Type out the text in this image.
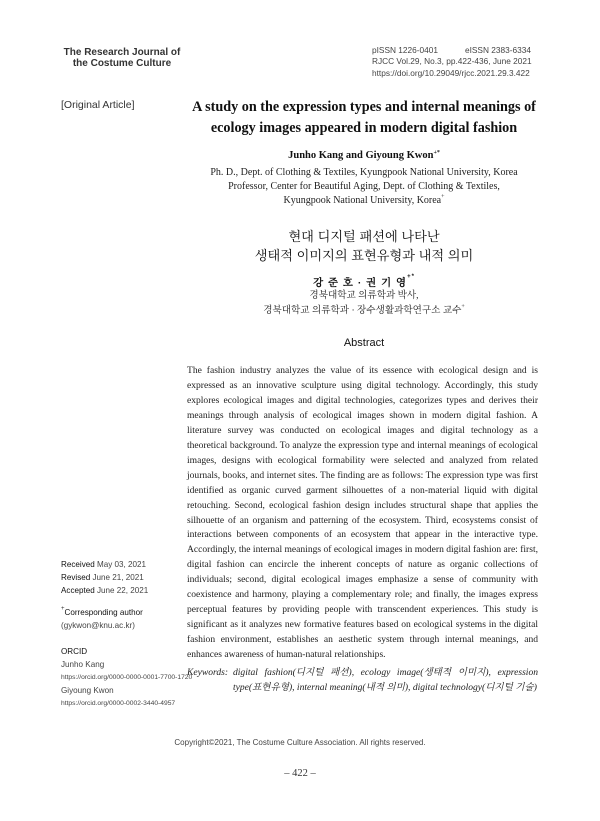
The Research Journal of
the Costume Culture
pISSN 1226-0401	eISSN 2383-6334
RJCC Vol.29, No.3, pp.422-436, June 2021
https://doi.org/10.29049/rjcc.2021.29.3.422
[Original Article]	A study on the expression types and internal meanings of
ecology images appeared in modern digital fashion
Junho Kang and Giyoung Kwon+*
Ph. D., Dept. of Clothing & Textiles, Kyungpook National University, Korea
Professor, Center for Beautiful Aging, Dept. of Clothing & Textiles,
Kyungpook National University, Korea+
현대 디지털 패션에 나타난
생태적 이미지의 표현유형과 내적 의미
강 준 호 · 권 기 영+*
경북대학교 의류학과 박사,
경북대학교 의류학과 · 장수생활과학연구소 교수+
Abstract
The fashion industry analyzes the value of its essence with ecological design and is expressed as an innovative sculpture using digital technology. Accordingly, this study explores ecological images and digital technologies, categorizes types and derives their meanings through analysis of ecological images shown in modern digital fashion. A literature survey was conducted on ecological images and digital technology as a theoretical background. To analyze the expression type and internal meanings of ecological images, designs with ecological formability were selected and analyzed from related journals, books, and internet sites. The finding are as follows: The expression type was first identified as organic curved garment silhouettes of a non-material liquid with digital retouching. Second, ecological fashion design includes structural shape that applies the silhouette of an organism and patterning of the ecosystem. Third, ecosystems consist of interactions between components of an ecosystem that appear in the interactive type. Accordingly, the internal meanings of ecological images in modern digital fashion are: first, digital fashion can encircle the inherent concepts of nature as organic collections of individuals; second, digital ecological images emphasize a sense of community with coexistence and harmony, playing a complementary role; and finally, the images express perceptual features by providing people with transcendent experiences. This study is significant as it analyzes new formative features based on ecological systems in the digital fashion environment, establishes an aesthetic system through internal meanings, and enhances awareness of human-natural relationships.
Keywords: digital fashion(디지털 패션), ecology image(생태적 이미지), expression type(표현유형), internal meaning(내적 의미), digital technology(디지털 기술)
Received May 03, 2021
Revised June 21, 2021
Accepted June 22, 2021
+Corresponding author
(gykwon@knu.ac.kr)
ORCID
Junho Kang
https://orcid.org/0000-0000-0001-7700-1720
Giyoung Kwon
https://orcid.org/0000-0002-3440-4957
Copyright©2021, The Costume Culture Association. All rights reserved.
– 422 –
